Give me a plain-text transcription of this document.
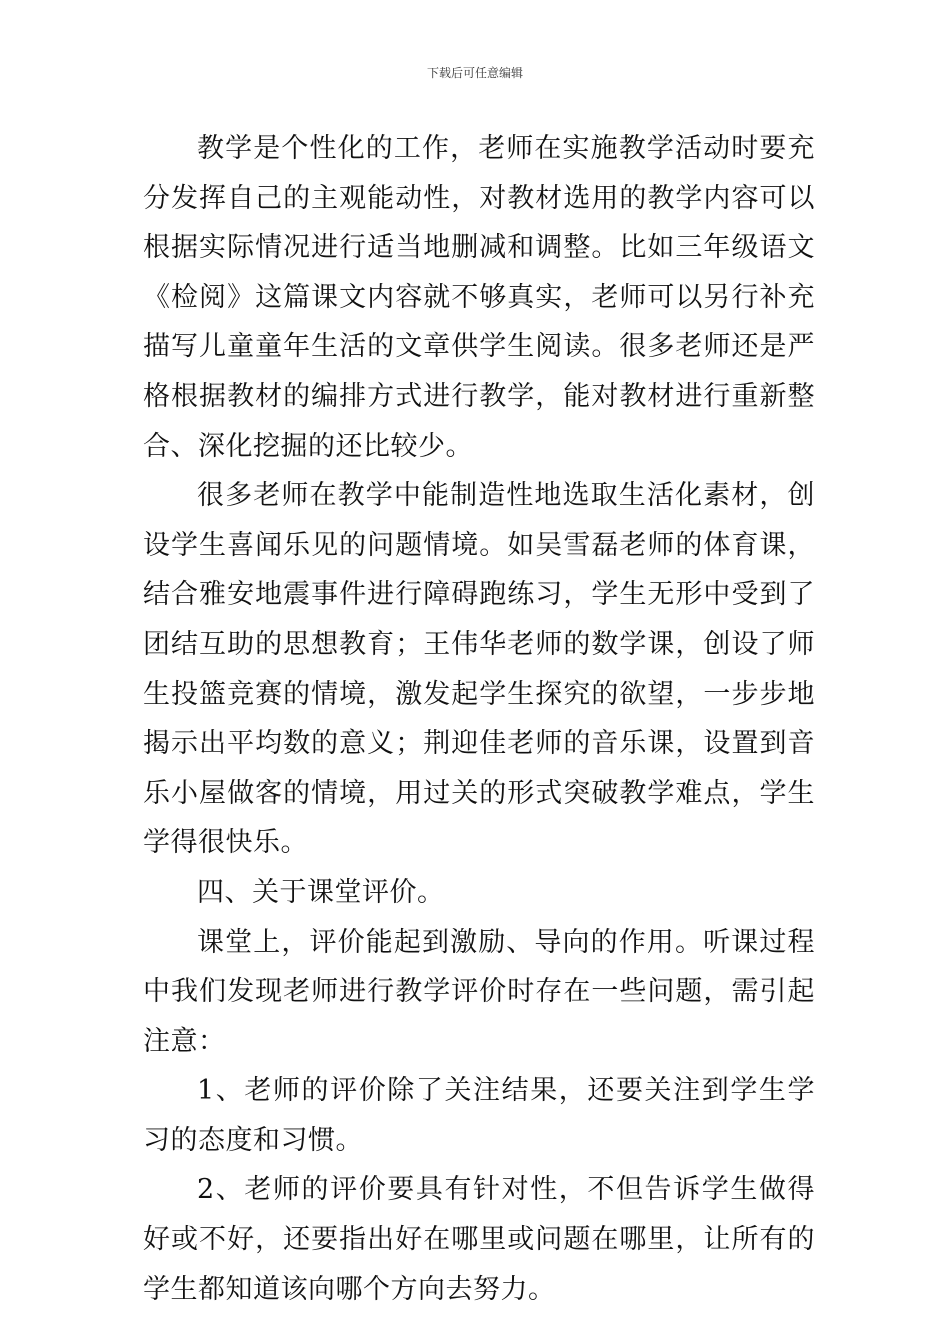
下载后可任意编辑

教学是个性化的工作，老师在实施教学活动时要充分发挥自己的主观能动性，对教材选用的教学内容可以根据实际情况进行适当地删减和调整。比如三年级语文《检阅》这篇课文内容就不够真实，老师可以另行补充描写儿童童年生活的文章供学生阅读。很多老师还是严格根据教材的编排方式进行教学，能对教材进行重新整合、深化挖掘的还比较少。

很多老师在教学中能制造性地选取生活化素材，创设学生喜闻乐见的问题情境。如吴雪磊老师的体育课，结合雅安地震事件进行障碍跑练习，学生无形中受到了团结互助的思想教育；王伟华老师的数学课，创设了师生投篮竞赛的情境，激发起学生探究的欲望，一步步地揭示出平均数的意义；荆迎佳老师的音乐课，设置到音乐小屋做客的情境，用过关的形式突破教学难点，学生学得很快乐。

四、关于课堂评价。

课堂上，评价能起到激励、导向的作用。听课过程中我们发现老师进行教学评价时存在一些问题，需引起注意：

1、老师的评价除了关注结果，还要关注到学生学习的态度和习惯。

2、老师的评价要具有针对性，不但告诉学生做得好或不好，还要指出好在哪里或问题在哪里，让所有的学生都知道该向哪个方向去努力。
